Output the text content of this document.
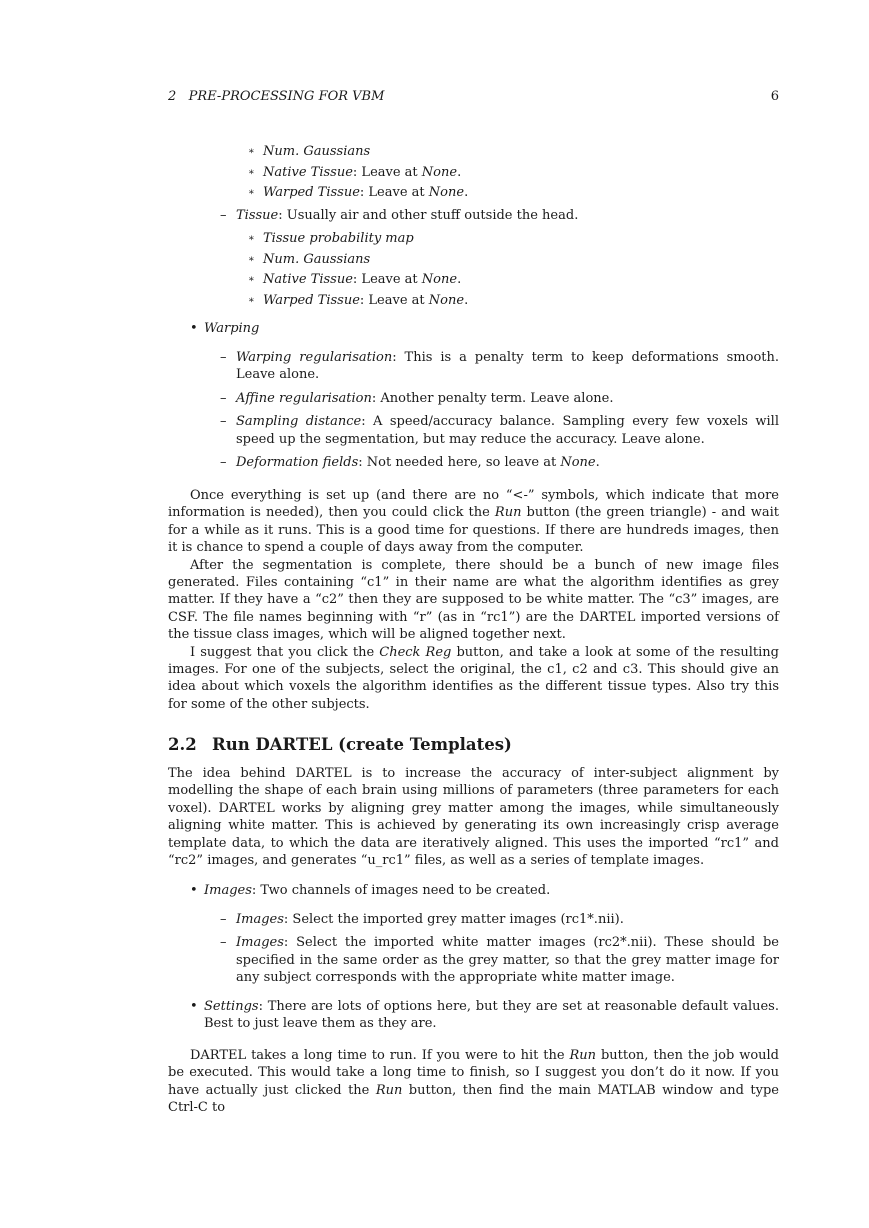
2   PRE-PROCESSING FOR VBM	6
∗ Num. Gaussians
∗ Native Tissue: Leave at None.
∗ Warped Tissue: Leave at None.
– Tissue: Usually air and other stuff outside the head.
∗ Tissue probability map
∗ Num. Gaussians
∗ Native Tissue: Leave at None.
∗ Warped Tissue: Leave at None.
• Warping
– Warping regularisation: This is a penalty term to keep deformations smooth. Leave alone.
– Affine regularisation: Another penalty term. Leave alone.
– Sampling distance: A speed/accuracy balance. Sampling every few voxels will speed up the segmentation, but may reduce the accuracy. Leave alone.
– Deformation fields: Not needed here, so leave at None.

Once everything is set up (and there are no “<-” symbols, which indicate that more information is needed), then you could click the Run button (the green triangle) - and wait for a while as it runs. This is a good time for questions. If there are hundreds images, then it is chance to spend a couple of days away from the computer.

After the segmentation is complete, there should be a bunch of new image files generated. Files containing “c1” in their name are what the algorithm identifies as grey matter. If they have a “c2” then they are supposed to be white matter. The “c3” images, are CSF. The file names beginning with “r” (as in “rc1”) are the DARTEL imported versions of the tissue class images, which will be aligned together next.

I suggest that you click the Check Reg button, and take a look at some of the resulting images. For one of the subjects, select the original, the c1, c2 and c3. This should give an idea about which voxels the algorithm identifies as the different tissue types. Also try this for some of the other subjects.

2.2 Run DARTEL (create Templates)

The idea behind DARTEL is to increase the accuracy of inter-subject alignment by modelling the shape of each brain using millions of parameters (three parameters for each voxel). DARTEL works by aligning grey matter among the images, while simultaneously aligning white matter. This is achieved by generating its own increasingly crisp average template data, to which the data are iteratively aligned. This uses the imported “rc1” and “rc2” images, and generates “u_rc1” files, as well as a series of template images.

• Images: Two channels of images need to be created.
– Images: Select the imported grey matter images (rc1*.nii).
– Images: Select the imported white matter images (rc2*.nii). These should be specified in the same order as the grey matter, so that the grey matter image for any subject corresponds with the appropriate white matter image.
• Settings: There are lots of options here, but they are set at reasonable default values. Best to just leave them as they are.

DARTEL takes a long time to run. If you were to hit the Run button, then the job would be executed. This would take a long time to finish, so I suggest you don’t do it now. If you have actually just clicked the Run button, then find the main MATLAB window and type Ctrl-C to
